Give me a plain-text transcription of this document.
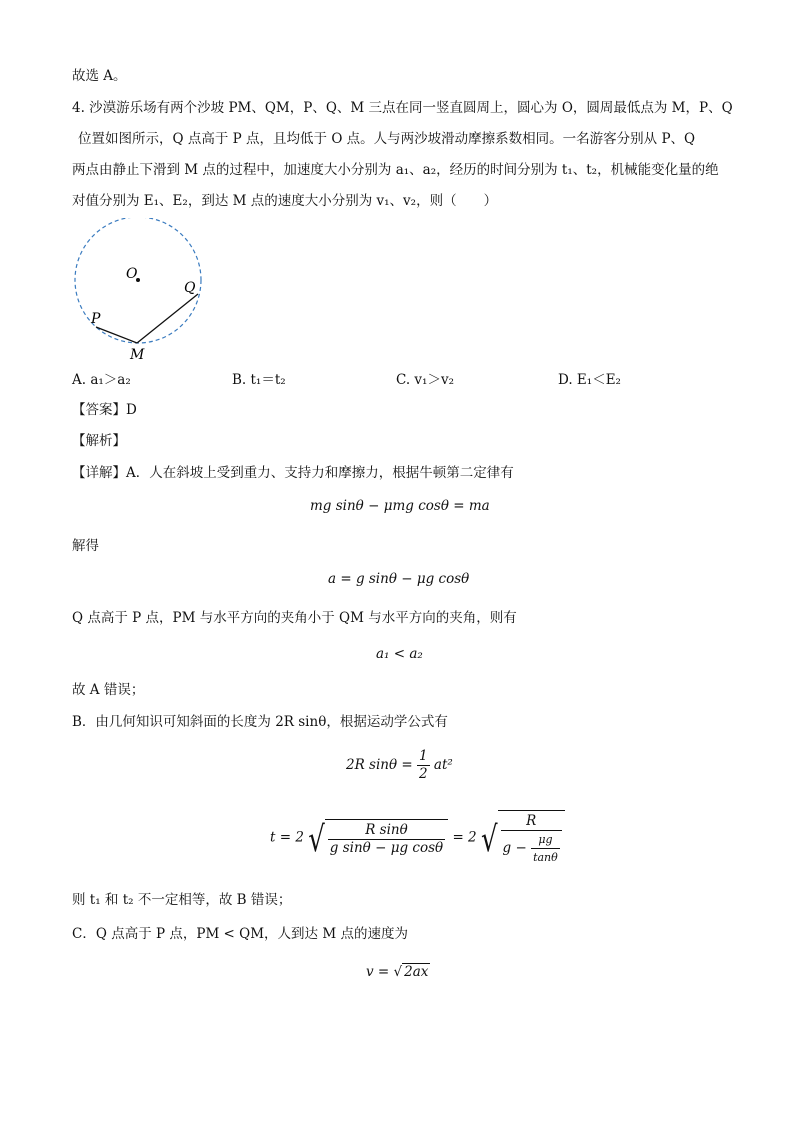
故选 A。
4. 沙漠游乐场有两个沙坡 PM、QM，P、Q、M 三点在同一竖直圆周上，圆心为 O，圆周最低点为 M，P、Q
位置如图所示，Q 点高于 P 点，且均低于 O 点。人与两沙坡滑动摩擦系数相同。一名游客分别从 P、Q
两点由静止下滑到 M 点的过程中，加速度大小分别为 a₁、a₂，经历的时间分别为 t₁、t₂，机械能变化量的绝
对值分别为 E₁、E₂，到达 M 点的速度大小分别为 v₁、v₂，则（　　）
O
Q
P
M
A. a₁＞a₂	B. t₁＝t₂	C. v₁＞v₂	D. E₁＜E₂
【答案】D
【解析】
【详解】A．人在斜坡上受到重力、支持力和摩擦力，根据牛顿第二定律有
mg sinθ − μmg cosθ = ma
解得
a = g sinθ − μg cosθ
Q 点高于 P 点，PM 与水平方向的夹角小于 QM 与水平方向的夹角，则有
a₁ < a₂
故 A 错误；
B．由几何知识可知斜面的长度为 2R sinθ，根据运动学公式有
2R $\sin\theta = \frac{1}{2} at^2$
t = 2 √ $\frac{\text{R sinθ}}{\text{g sinθ − μg cosθ}} = 2$ √ $\frac{R}{g - \frac{\mu g}{\tan\theta}}$
则 t₁ 和 t₂ 不一定相等，故 B 错误；
C．Q 点高于 P 点，PM < QM，人到达 M 点的速度为
v = √ 2ax
